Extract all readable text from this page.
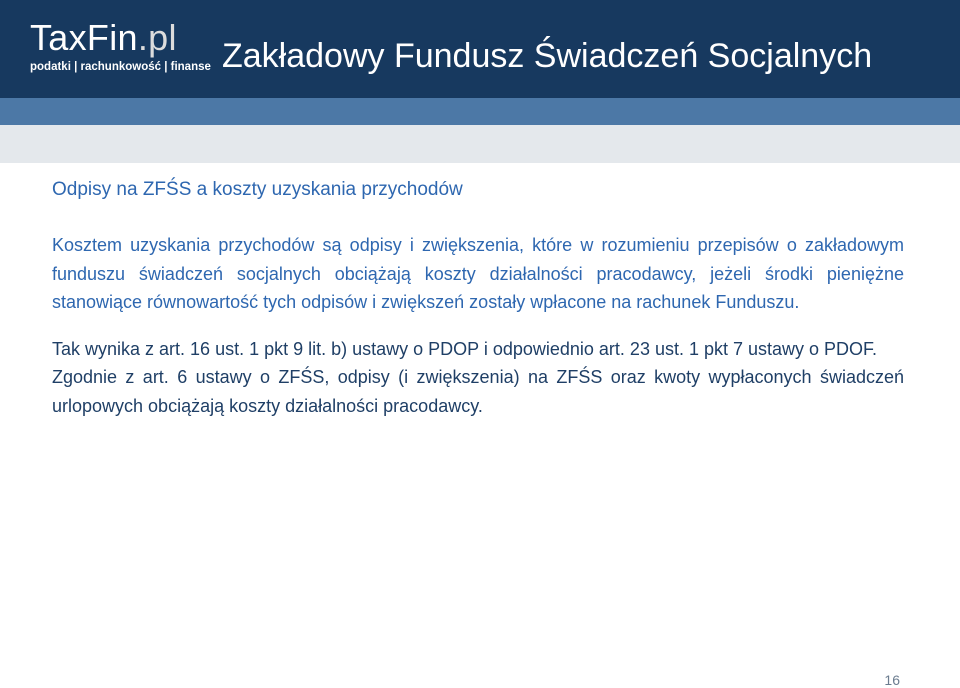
TaxFin.pl
podatki | rachunkowość | finanse Zakładowy Fundusz Świadczeń Socjalnych
Odpisy na ZFŚS a koszty uzyskania przychodów

Kosztem uzyskania przychodów są odpisy i zwiększenia, które w rozumieniu przepisów o zakładowym funduszu świadczeń socjalnych obciążają koszty działalności pracodawcy, jeżeli środki pieniężne stanowiące równowartość tych odpisów i zwiększeń zostały wpłacone na rachunek Funduszu.

Tak wynika z art. 16 ust. 1 pkt 9 lit. b) ustawy o PDOP i odpowiednio art. 23 ust. 1 pkt 7 ustawy o PDOF.

Zgodnie z art. 6 ustawy o ZFŚS, odpisy (i zwiększenia) na ZFŚS oraz kwoty wypłaconych świadczeń urlopowych obciążają koszty działalności pracodawcy.

16
